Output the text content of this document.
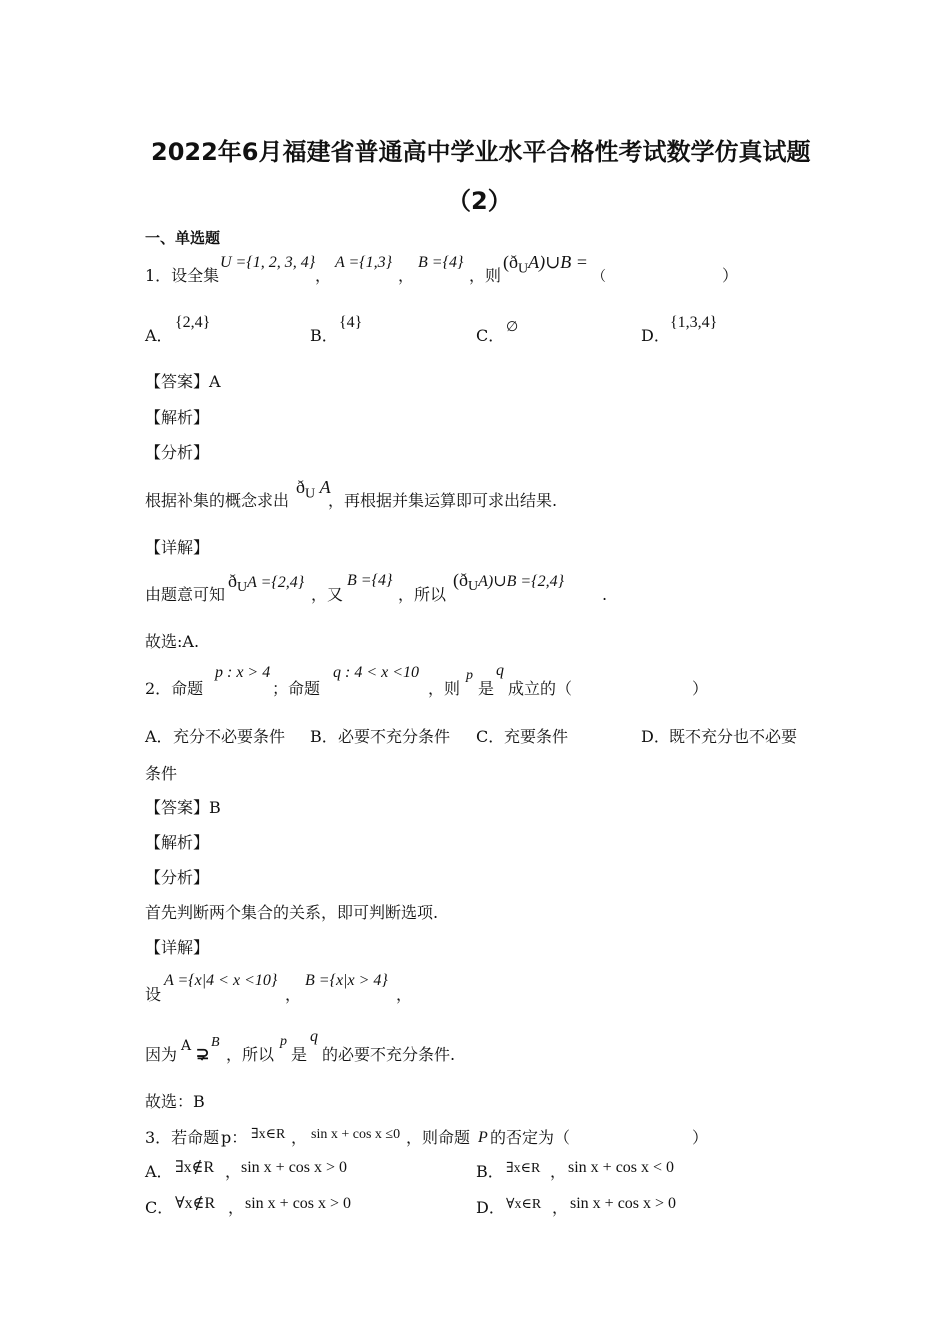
2022年6月福建省普通高中学业水平合格性考试数学仿真试题
（2）
一、单选题
1．设全集
U ={1, 2, 3, 4}
，
A ={1,3}
，
B ={4}
，则
$(ð_UA)\cup B$ =
（	）
A．
{2,4}
B．
{4}
C． ∅	D．
{1,3,4}
【答案】A
【解析】
【分析】
根据补集的概念求出
$ð_U$ A
，再根据并集运算即可求出结果.
【详解】
由题意可知
$ð_UA =\{2,4\}$
，又
B ={4}
，所以
$(ð_UA)\cup B =\{2,4\}$
.
故选:A.
2．命题
p : x > 4
；命题
q : 4 < x <10
，则
p
是
q
成立的（	）
A． 充分不必要条件 B． 必要不充分条件 C． 充要条件	D． 既不充分也不必要
条件
【答案】B
【解析】
【分析】
首先判断两个集合的关系，即可判断选项.
【详解】
设
A ={x|4 < x <10}
，
B ={x|x > 4}
，
因为 A ⊋
B
，所以
p
是
q
的必要不充分条件.
故选：B
3．若命题 p： ∃x∈R ， sin x + cos x ≤0 ，则命题 P 的否定为（	）
A． ∃x∉R ， sin x + cos x > 0	B． ∃x∈R ， sin x + cos x < 0
C． ∀x∉R ， sin x + cos x > 0	D． ∀x∈R ， sin x + cos x > 0
